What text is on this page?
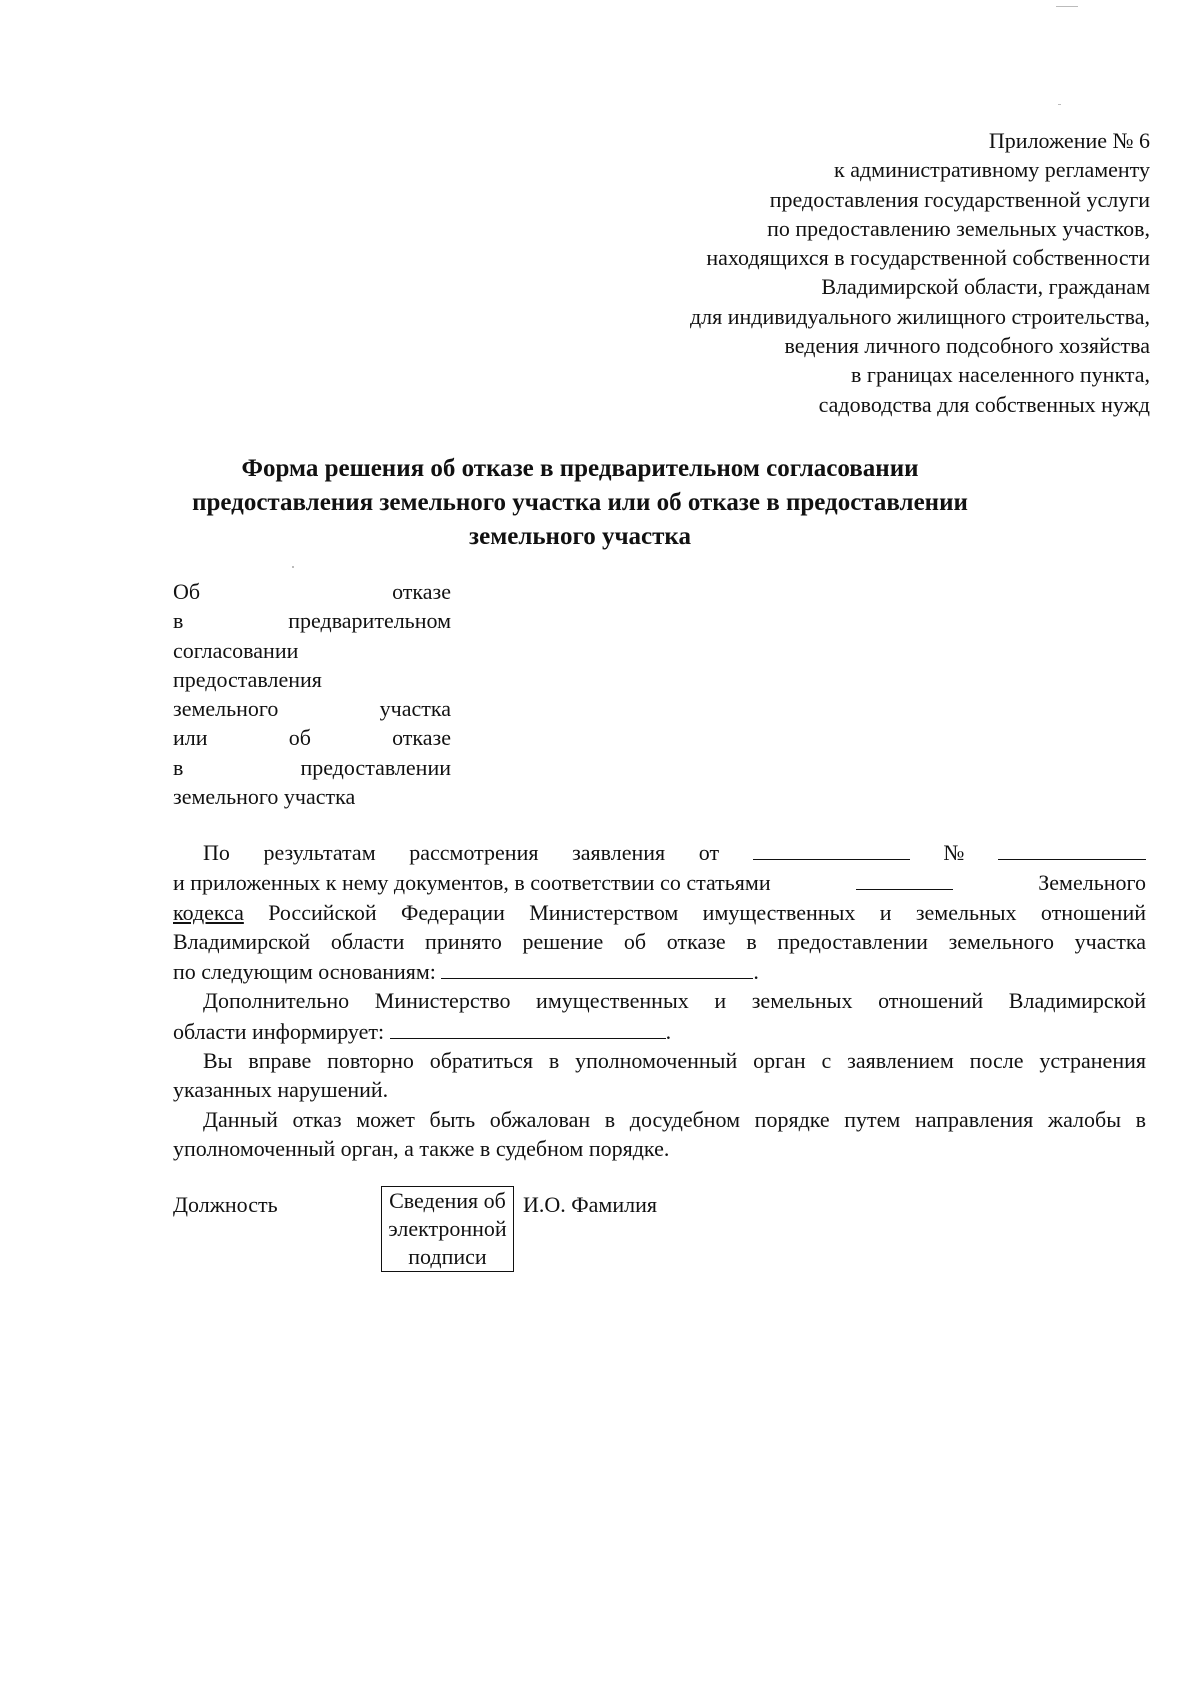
Приложение № 6
к административному регламенту
предоставления государственной услуги
по предоставлению земельных участков,
находящихся в государственной собственности
Владимирской области, гражданам
для индивидуального жилищного строительства,
ведения личного подсобного хозяйства
в границах населенного пункта,
садоводства для собственных нужд
Форма решения об отказе в предварительном согласовании
предоставления земельного участка или об отказе в предоставлении
земельного участка
Об	отказе
в	предварительном
согласовании
предоставления
земельного	участка
или	об	отказе
в	предоставлении
земельного участка
По результатам рассмотрения заявления от	№
и приложенных к нему документов, в соответствии со статьями	Земельного
кодекса Российской Федерации Министерством имущественных и земельных отношений
Владимирской области принято решение об отказе в предоставлении земельного участка
по следующим основаниям:	.
Дополнительно Министерство имущественных и земельных отношений Владимирской
области информирует:	.

Вы вправе повторно обратиться в уполномоченный орган с заявлением после устранения указанных нарушений.

Данный отказ может быть обжалован в досудебном порядке путем направления жалобы в уполномоченный орган, а также в судебном порядке.

Должность	Сведения об
электронной
подписи
И.О. Фамилия
